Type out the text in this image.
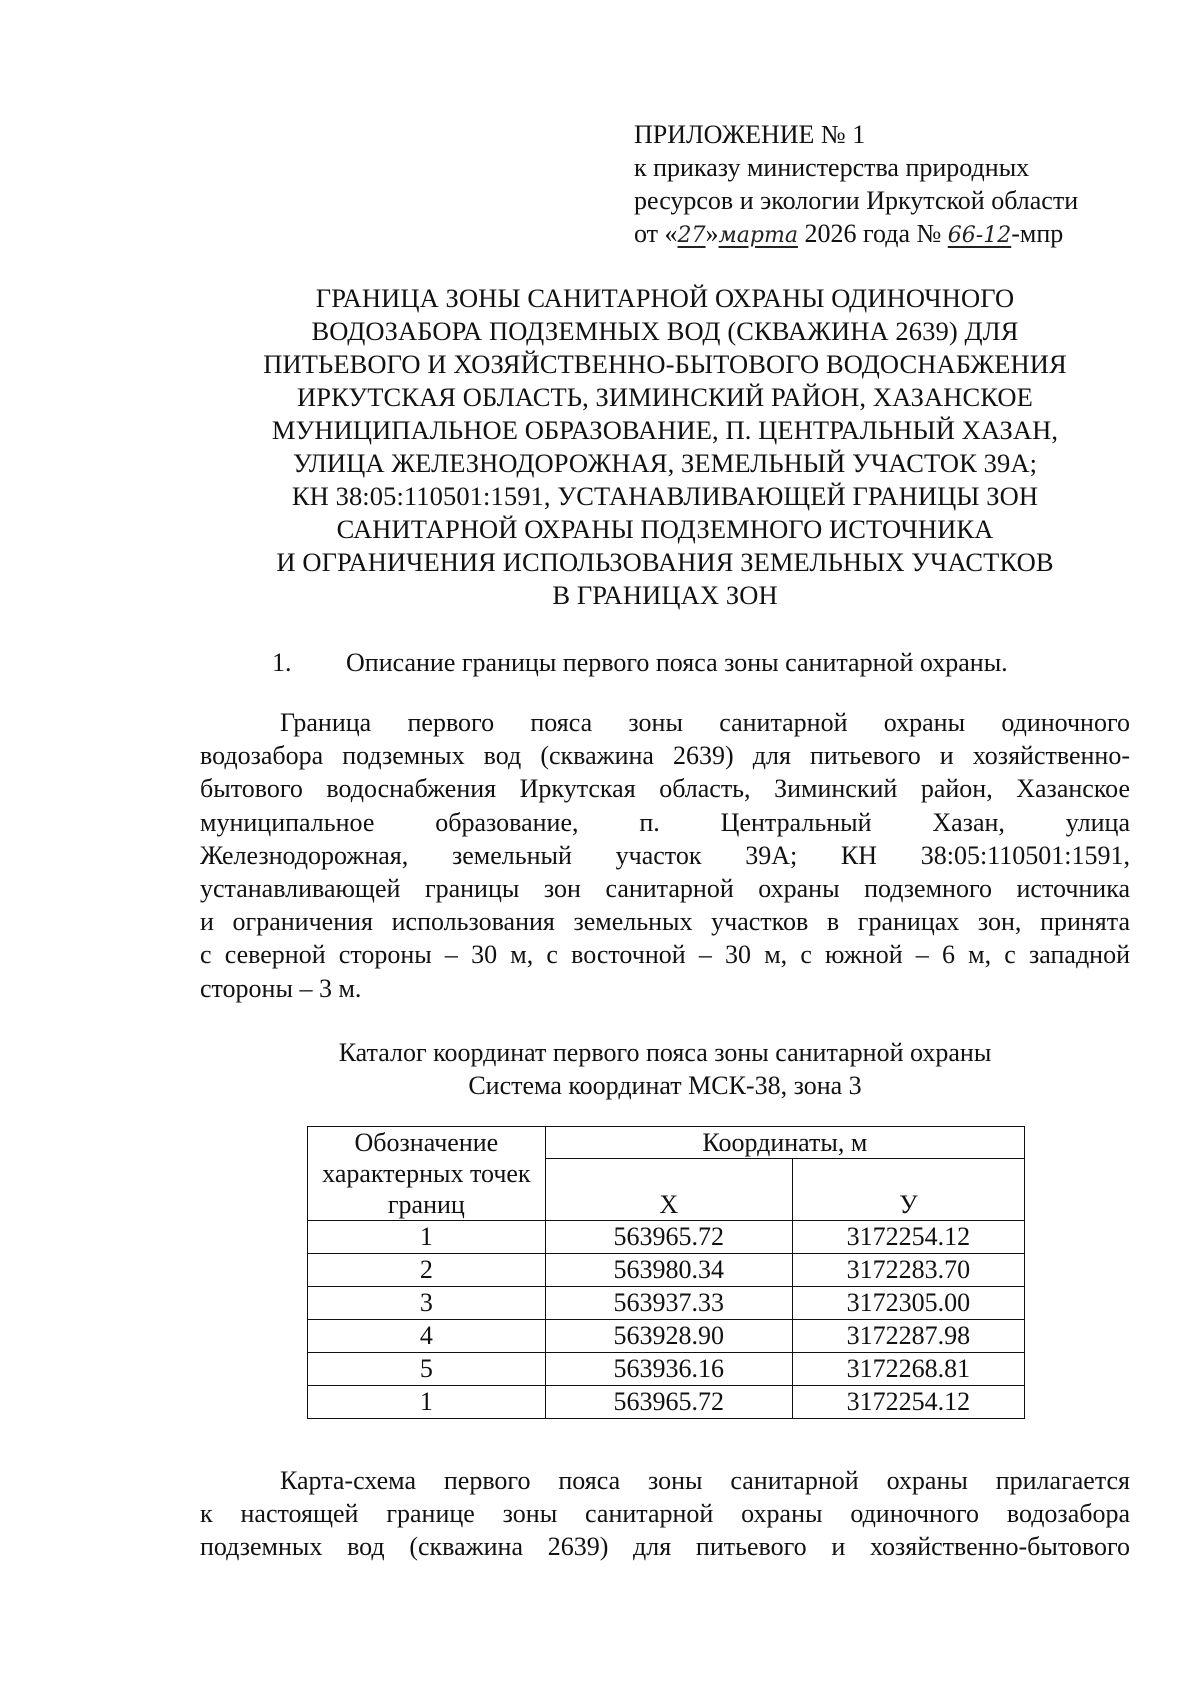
ПРИЛОЖЕНИЕ № 1
к приказу министерства природных
ресурсов и экологии Иркутской области
от «27»марта 2026 года № 66-12-мпр
ГРАНИЦА ЗОНЫ САНИТАРНОЙ ОХРАНЫ ОДИНОЧНОГО
ВОДОЗАБОРА ПОДЗЕМНЫХ ВОД (СКВАЖИНА 2639) ДЛЯ
ПИТЬЕВОГО И ХОЗЯЙСТВЕННО-БЫТОВОГО ВОДОСНАБЖЕНИЯ
ИРКУТСКАЯ ОБЛАСТЬ, ЗИМИНСКИЙ РАЙОН, ХАЗАНСКОЕ
МУНИЦИПАЛЬНОЕ ОБРАЗОВАНИЕ, П. ЦЕНТРАЛЬНЫЙ ХАЗАН,
УЛИЦА ЖЕЛЕЗНОДОРОЖНАЯ, ЗЕМЕЛЬНЫЙ УЧАСТОК 39А;
КН 38:05:110501:1591, УСТАНАВЛИВАЮЩЕЙ ГРАНИЦЫ ЗОН
САНИТАРНОЙ ОХРАНЫ ПОДЗЕМНОГО ИСТОЧНИКА
И ОГРАНИЧЕНИЯ ИСПОЛЬЗОВАНИЯ ЗЕМЕЛЬНЫХ УЧАСТКОВ
В ГРАНИЦАХ ЗОН
1. Описание границы первого пояса зоны санитарной охраны.
Граница первого пояса зоны санитарной охраны одиночного
водозабора подземных вод (скважина 2639) для питьевого и хозяйственно-
бытового водоснабжения Иркутская область, Зиминский район, Хазанское
муниципальное образование, п. Центральный Хазан, улица
Железнодорожная, земельный участок 39А; КН 38:05:110501:1591,
устанавливающей границы зон санитарной охраны подземного источника
и ограничения использования земельных участков в границах зон, принята
с северной стороны – 30 м, с восточной – 30 м, с южной – 6 м, с западной
стороны – 3 м.
Каталог координат первого пояса зоны санитарной охраны
Система координат МСК-38, зона 3
Обозначение характерных точек границ	Координаты, м	
	X	У
1	563965.72	3172254.12
2	563980.34	3172283.70
3	563937.33	3172305.00
4	563928.90	3172287.98
5	563936.16	3172268.81
1	563965.72	3172254.12
Карта-схема первого пояса зоны санитарной охраны прилагается
к настоящей границе зоны санитарной охраны одиночного водозабора
подземных вод (скважина 2639) для питьевого и хозяйственно-бытового
